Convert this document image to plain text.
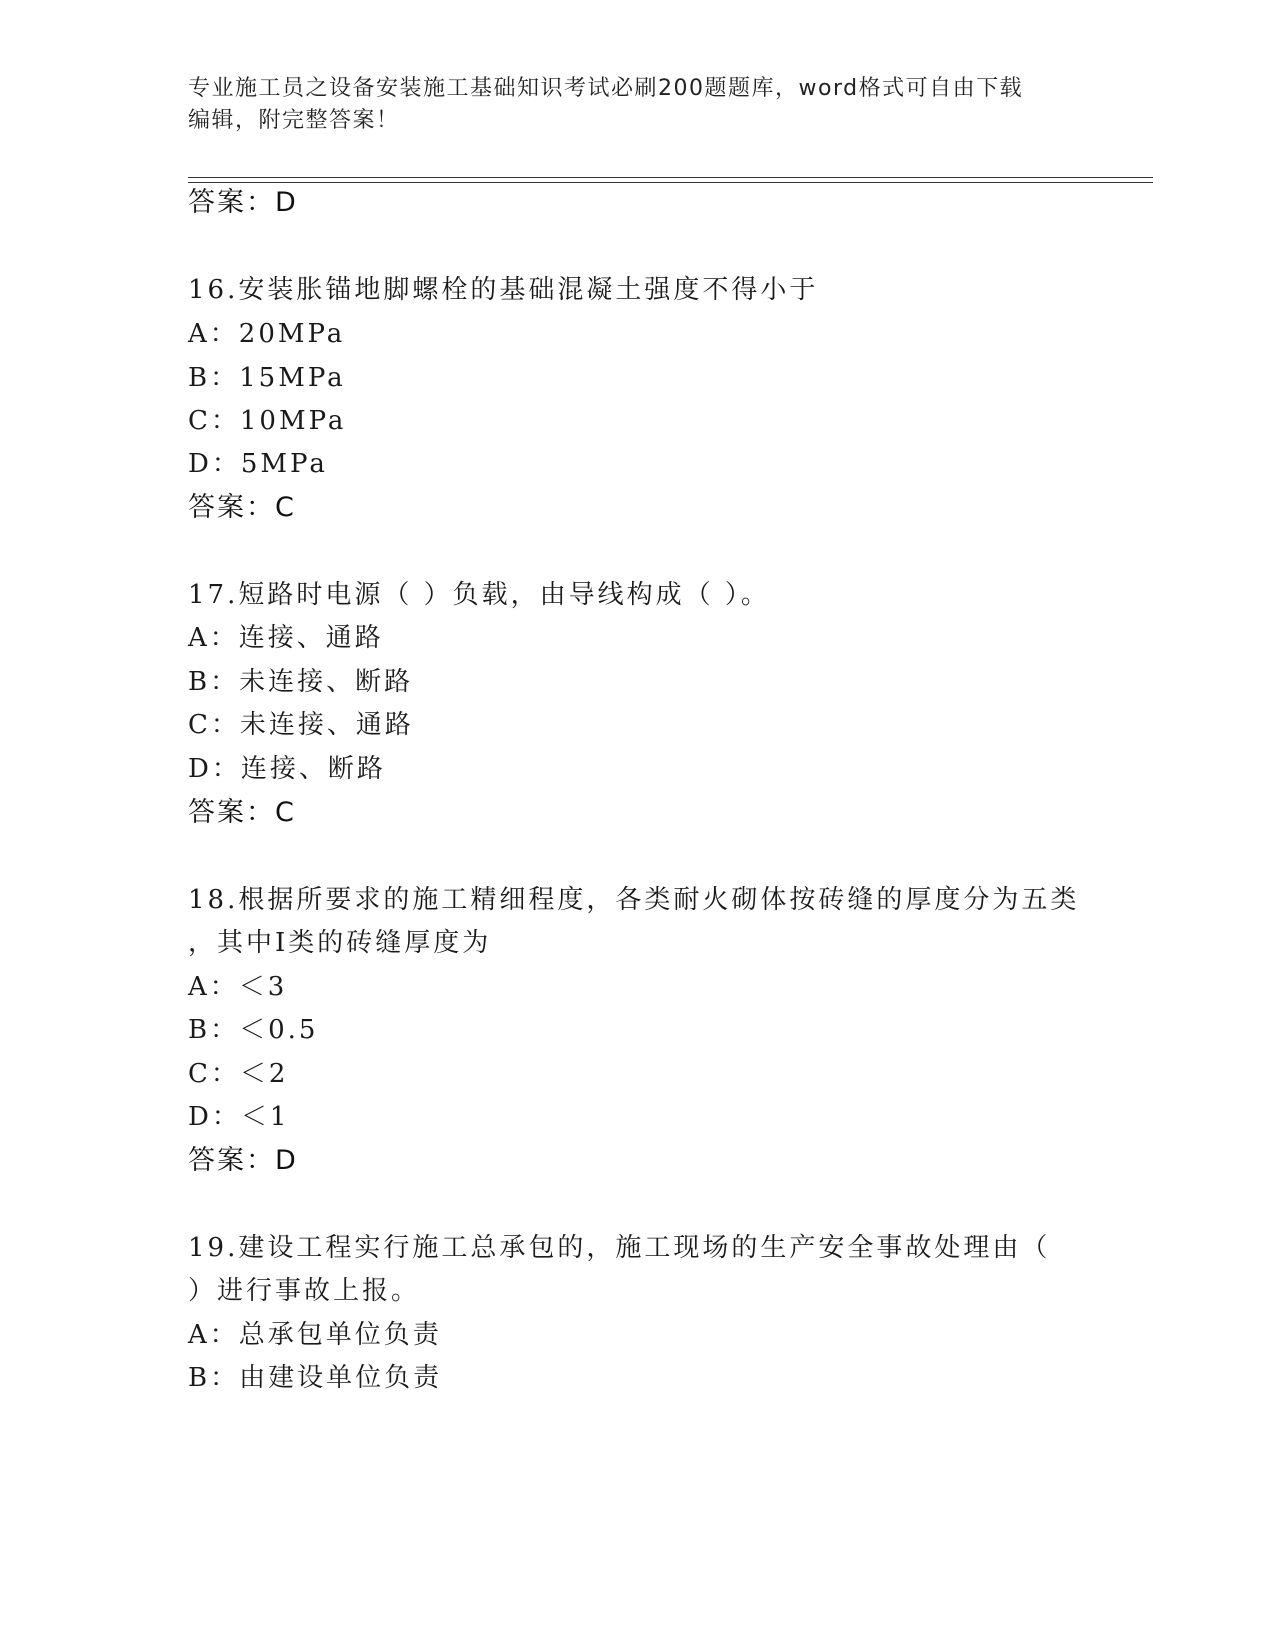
专业施工员之设备安装施工基础知识考试必刷200题题库，word格式可自由下载
编辑，附完整答案！
答案：D
16.安装胀锚地脚螺栓的基础混凝土强度不得小于
A：20MPa
B：15MPa
C：10MPa
D：5MPa
答案：C
17.短路时电源（ ）负载，由导线构成（ ）。
A：连接、通路
B：未连接、断路
C：未连接、通路
D：连接、断路
答案：C
18.根据所要求的施工精细程度，各类耐火砌体按砖缝的厚度分为五类
，其中Ⅰ类的砖缝厚度为
A：＜3
B：＜0.5
C：＜2
D：＜1
答案：D
19.建设工程实行施工总承包的，施工现场的生产安全事故处理由（
）进行事故上报。
A：总承包单位负责
B：由建设单位负责
